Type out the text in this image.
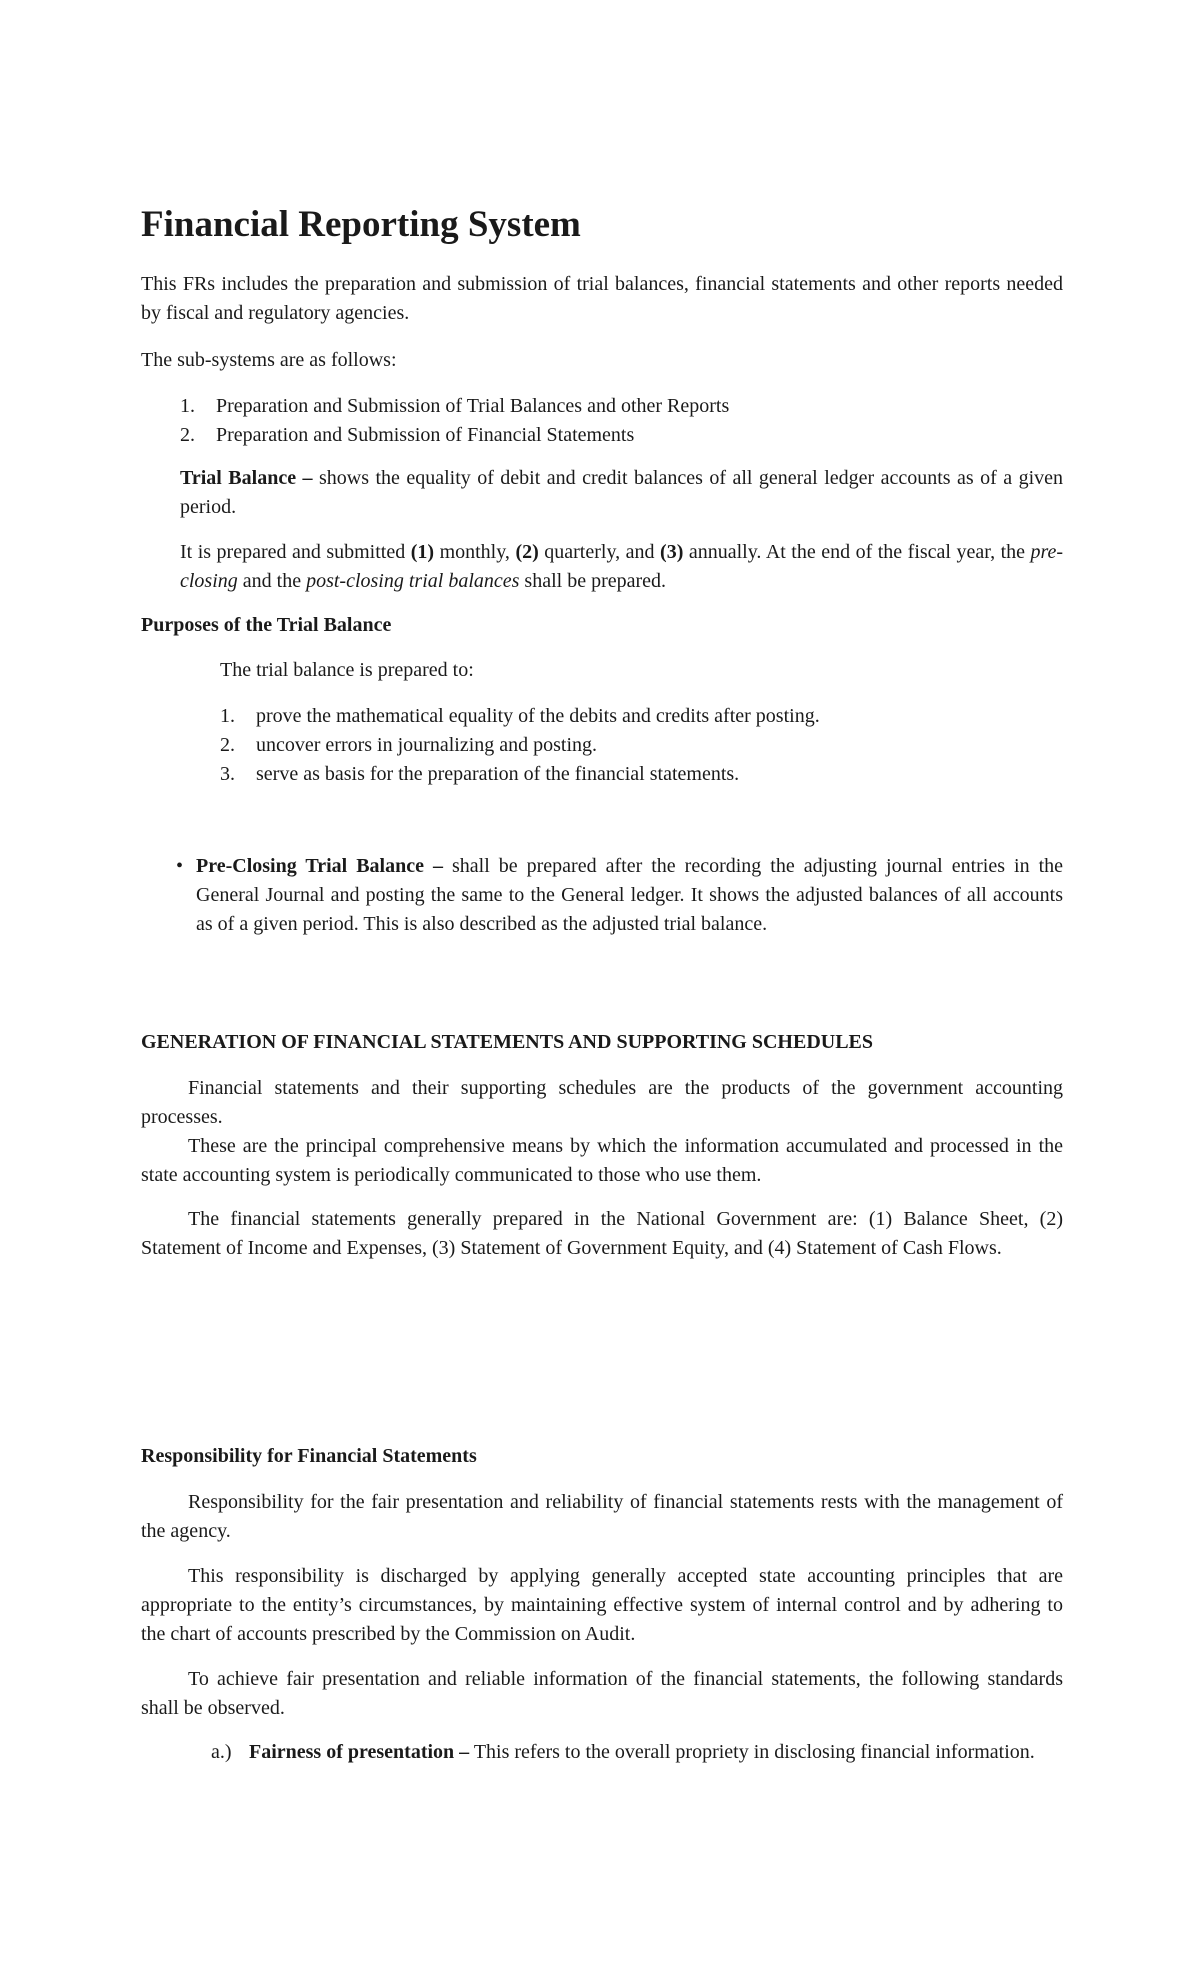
Financial Reporting System

This FRs includes the preparation and submission of trial balances, financial statements and other reports needed by fiscal and regulatory agencies.

The sub-systems are as follows:

1. Preparation and Submission of Trial Balances and other Reports
2. Preparation and Submission of Financial Statements

Trial Balance – shows the equality of debit and credit balances of all general ledger accounts as of a given period.

It is prepared and submitted (1) monthly, (2) quarterly, and (3) annually. At the end of the fiscal year, the pre-closing and the post-closing trial balances shall be prepared.

Purposes of the Trial Balance

The trial balance is prepared to:

1. prove the mathematical equality of the debits and credits after posting.
2. uncover errors in journalizing and posting.
3. serve as basis for the preparation of the financial statements.
• Pre-Closing Trial Balance – shall be prepared after the recording the adjusting journal entries in the General Journal and posting the same to the General ledger. It shows the adjusted balances of all accounts as of a given period. This is also described as the adjusted trial balance.
GENERATION OF FINANCIAL STATEMENTS AND SUPPORTING SCHEDULES

Financial statements and their supporting schedules are the products of the government accounting processes.

These are the principal comprehensive means by which the information accumulated and processed in the state accounting system is periodically communicated to those who use them.

The financial statements generally prepared in the National Government are: (1) Balance Sheet, (2) Statement of Income and Expenses, (3) Statement of Government Equity, and (4) Statement of Cash Flows.

Responsibility for Financial Statements

Responsibility for the fair presentation and reliability of financial statements rests with the management of the agency.

This responsibility is discharged by applying generally accepted state accounting principles that are appropriate to the entity’s circumstances, by maintaining effective system of internal control and by adhering to the chart of accounts prescribed by the Commission on Audit.

To achieve fair presentation and reliable information of the financial statements, the following standards shall be observed.

a.) Fairness of presentation – This refers to the overall propriety in disclosing financial information.
